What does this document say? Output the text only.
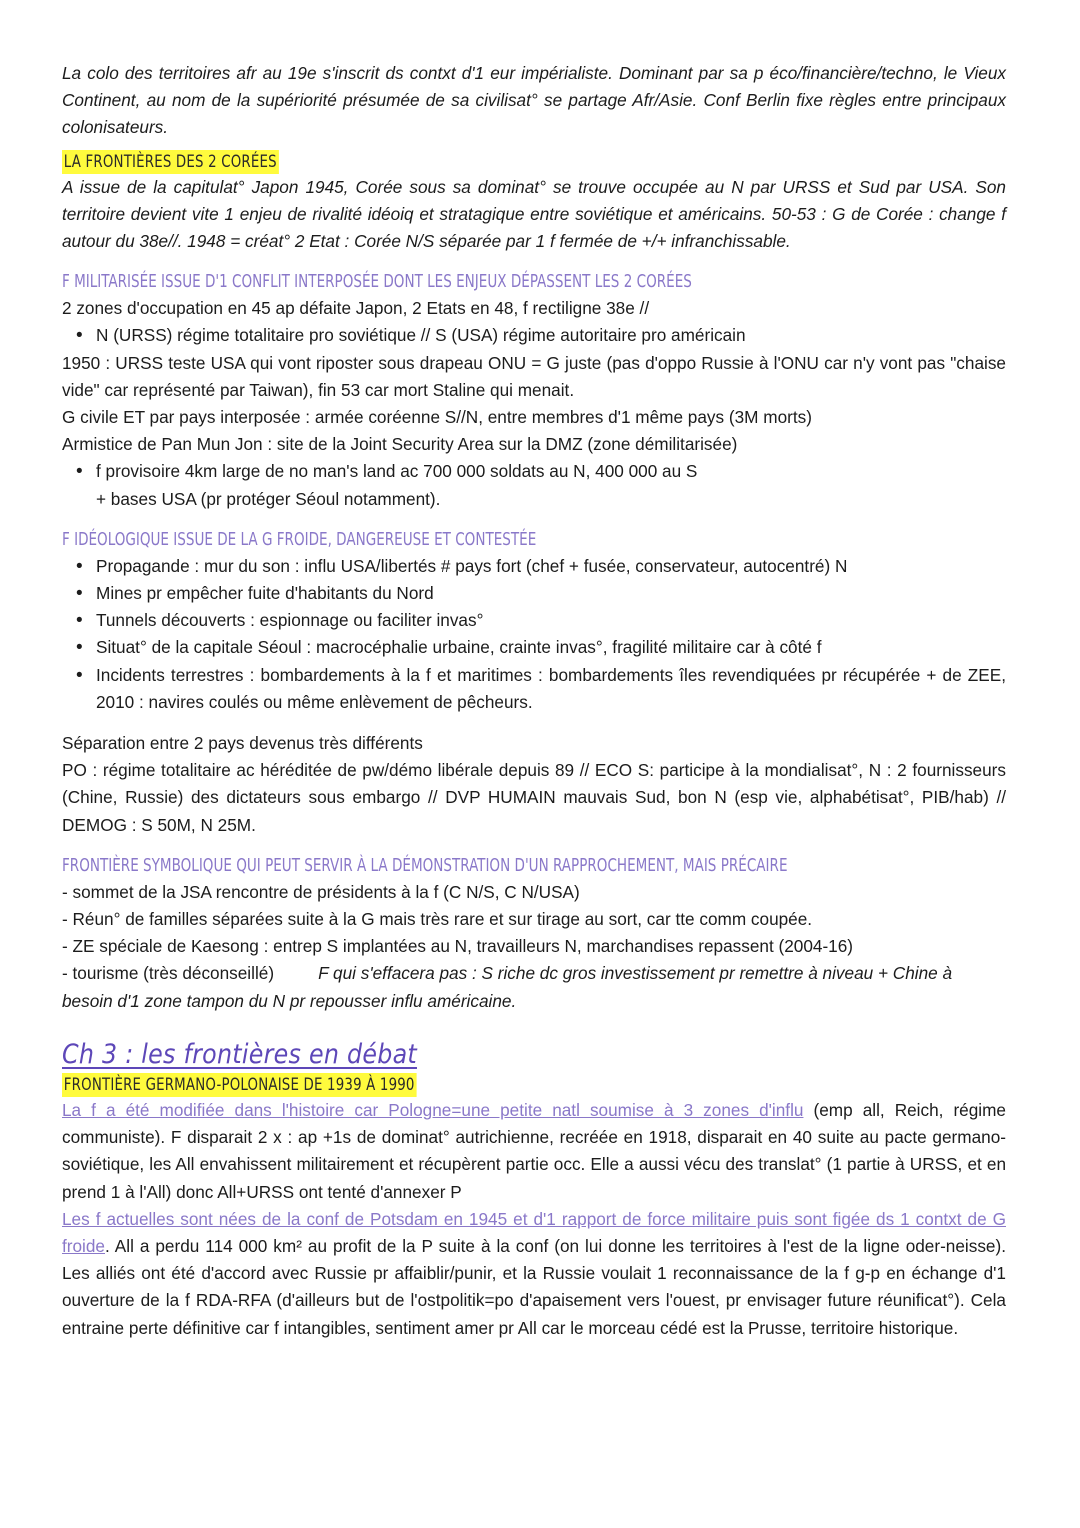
La colo des territoires afr au 19e s'inscrit ds contxt d'1 eur impérialiste. Dominant par sa p éco/financière/techno, le Vieux Continent, au nom de la supériorité présumée de sa civilisat° se partage Afr/Asie. Conf Berlin fixe règles entre principaux colonisateurs.

LA FRONTIÈRES DES 2 CORÉES

A issue de la capitulat° Japon 1945, Corée sous sa dominat° se trouve occupée au N par URSS et Sud par USA. Son territoire devient vite 1 enjeu de rivalité idéoiq et stratagique entre soviétique et américains. 50-53 : G de Corée : change f autour du 38e//. 1948 = créat° 2 Etat : Corée N/S séparée par 1 f fermée de +/+ infranchissable.

F MILITARISÉE ISSUE D'1 CONFLIT INTERPOSÉE DONT LES ENJEUX DÉPASSENT LES 2 CORÉES

2 zones d'occupation en 45 ap défaite Japon, 2 Etats en 48, f rectiligne 38e //

• N (URSS) régime totalitaire pro soviétique // S (USA) régime autoritaire pro américain

1950 : URSS teste USA qui vont riposter sous drapeau ONU = G juste (pas d'oppo Russie à l'ONU car n'y vont pas "chaise vide" car représenté par Taiwan), fin 53 car mort Staline qui menait.

G civile ET par pays interposée : armée coréenne S//N, entre membres d'1 même pays (3M morts)

Armistice de Pan Mun Jon : site de la Joint Security Area sur la DMZ (zone démilitarisée)

• f provisoire 4km large de no man's land ac 700 000 soldats au N, 400 000 au S
+ bases USA (pr protéger Séoul notamment).
F IDÉOLOGIQUE ISSUE DE LA G FROIDE, DANGEREUSE ET CONTESTÉE
• Propagande : mur du son : influ USA/libertés # pays fort (chef + fusée, conservateur, autocentré) N
• Mines pr empêcher fuite d'habitants du Nord
• Tunnels découverts : espionnage ou faciliter invas°
• Situat° de la capitale Séoul : macrocéphalie urbaine, crainte invas°, fragilité militaire car à côté f
• Incidents terrestres : bombardements à la f et maritimes : bombardements îles revendiquées pr récupérée + de ZEE, 2010 : navires coulés ou même enlèvement de pêcheurs.

Séparation entre 2 pays devenus très différents

PO : régime totalitaire ac héréditée de pw/démo libérale depuis 89 // ECO S: participe à la mondialisat°, N : 2 fournisseurs (Chine, Russie) des dictateurs sous embargo // DVP HUMAIN mauvais Sud, bon N (esp vie, alphabétisat°, PIB/hab) // DEMOG : S 50M, N 25M.

FRONTIÈRE SYMBOLIQUE QUI PEUT SERVIR À LA DÉMONSTRATION D'UN RAPPROCHEMENT, MAIS PRÉCAIRE

- sommet de la JSA rencontre de présidents à la f (C N/S, C N/USA)

- Réun° de familles séparées suite à la G mais très rare et sur tirage au sort, car tte comm coupée.

- ZE spéciale de Kaesong : entrep S implantées au N, travailleurs N, marchandises repassent (2004-16)

- tourisme (très déconseillé)	F qui s'effacera pas : S riche dc gros investissement pr remettre à niveau + Chine à

besoin d'1 zone tampon du N pr repousser influ américaine.

Ch 3 : les frontières en débat
FRONTIÈRE GERMANO-POLONAISE DE 1939 À 1990

La f a été modifiée dans l'histoire car Pologne=une petite natl soumise à 3 zones d'influ (emp all, Reich, régime communiste). F disparait 2 x : ap +1s de dominat° autrichienne, recréée en 1918, disparait en 40 suite au pacte germano-soviétique, les All envahissent militairement et récupèrent partie occ. Elle a aussi vécu des translat° (1 partie à URSS, et en prend 1 à l'All) donc All+URSS ont tenté d'annexer P

Les f actuelles sont nées de la conf de Potsdam en 1945 et d'1 rapport de force militaire puis sont figée ds 1 contxt de G froide. All a perdu 114 000 km² au profit de la P suite à la conf (on lui donne les territoires à l'est de la ligne oder-neisse). Les alliés ont été d'accord avec Russie pr affaiblir/punir, et la Russie voulait 1 reconnaissance de la f g-p en échange d'1 ouverture de la f RDA-RFA (d'ailleurs but de l'ostpolitik=po d'apaisement vers l'ouest, pr envisager future réunificat°). Cela entraine perte définitive car f intangibles, sentiment amer pr All car le morceau cédé est la Prusse, territoire historique.
